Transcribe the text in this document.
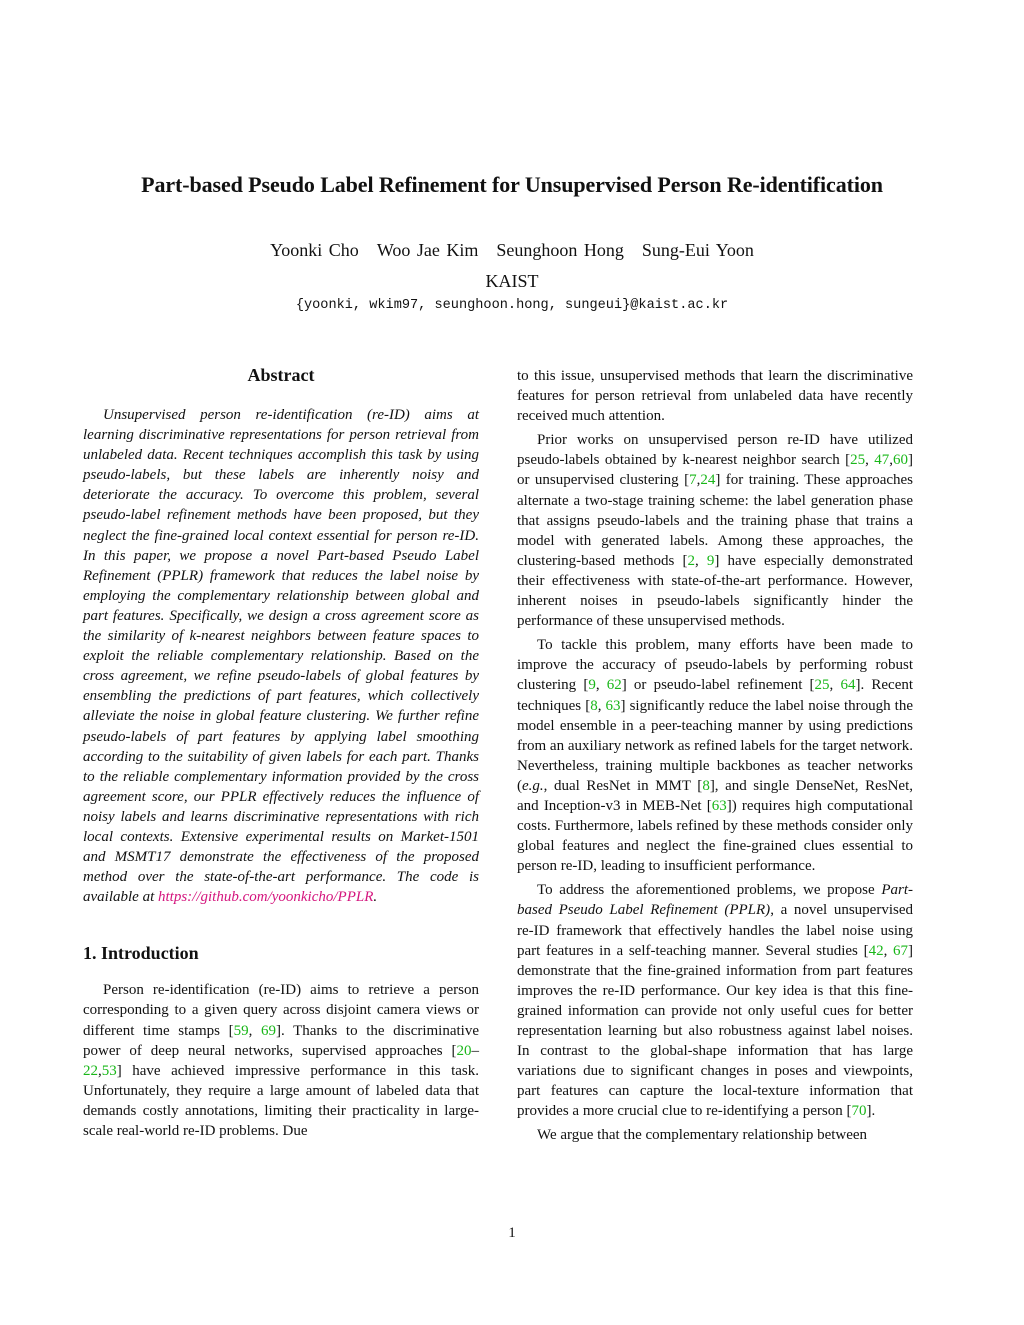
Part-based Pseudo Label Refinement for Unsupervised Person Re-identification
Yoonki Cho Woo Jae Kim Seunghoon Hong Sung-Eui Yoon
KAIST
{yoonki, wkim97, seunghoon.hong, sungeui}@kaist.ac.kr
Abstract

Unsupervised person re-identification (re-ID) aims at learning discriminative representations for person retrieval from unlabeled data. Recent techniques accomplish this task by using pseudo-labels, but these labels are inherently noisy and deteriorate the accuracy. To overcome this problem, several pseudo-label refinement methods have been proposed, but they neglect the fine-grained local context essential for person re-ID. In this paper, we propose a novel Part-based Pseudo Label Refinement (PPLR) framework that reduces the label noise by employing the complementary relationship between global and part features. Specifically, we design a cross agreement score as the similarity of k-nearest neighbors between feature spaces to exploit the reliable complementary relationship. Based on the cross agreement, we refine pseudo-labels of global features by ensembling the predictions of part features, which collectively alleviate the noise in global feature clustering. We further refine pseudo-labels of part features by applying label smoothing according to the suitability of given labels for each part. Thanks to the reliable complementary information provided by the cross agreement score, our PPLR effectively reduces the influence of noisy labels and learns discriminative representations with rich local contexts. Extensive experimental results on Market-1501 and MSMT17 demonstrate the effectiveness of the proposed method over the state-of-the-art performance. The code is available at https://github.com/yoonkicho/PPLR.

1. Introduction

Person re-identification (re-ID) aims to retrieve a person corresponding to a given query across disjoint camera views or different time stamps [59, 69]. Thanks to the discriminative power of deep neural networks, supervised approaches [20–22,53] have achieved impressive performance in this task. Unfortunately, they require a large amount of labeled data that demands costly annotations, limiting their practicality in large-scale real-world re-ID problems. Due

to this issue, unsupervised methods that learn the discriminative features for person retrieval from unlabeled data have recently received much attention.

Prior works on unsupervised person re-ID have utilized pseudo-labels obtained by k-nearest neighbor search [25, 47,60] or unsupervised clustering [7,24] for training. These approaches alternate a two-stage training scheme: the label generation phase that assigns pseudo-labels and the training phase that trains a model with generated labels. Among these approaches, the clustering-based methods [2, 9] have especially demonstrated their effectiveness with state-of-the-art performance. However, inherent noises in pseudo-labels significantly hinder the performance of these unsupervised methods.

To tackle this problem, many efforts have been made to improve the accuracy of pseudo-labels by performing robust clustering [9, 62] or pseudo-label refinement [25, 64]. Recent techniques [8, 63] significantly reduce the label noise through the model ensemble in a peer-teaching manner by using predictions from an auxiliary network as refined labels for the target network. Nevertheless, training multiple backbones as teacher networks (e.g., dual ResNet in MMT [8], and single DenseNet, ResNet, and Inception-v3 in MEB-Net [63]) requires high computational costs. Furthermore, labels refined by these methods consider only global features and neglect the fine-grained clues essential to person re-ID, leading to insufficient performance.

To address the aforementioned problems, we propose Part-based Pseudo Label Refinement (PPLR), a novel unsupervised re-ID framework that effectively handles the label noise using part features in a self-teaching manner. Several studies [42, 67] demonstrate that the fine-grained information from part features improves the re-ID performance. Our key idea is that this fine-grained information can provide not only useful cues for better representation learning but also robustness against label noises. In contrast to the global-shape information that has large variations due to significant changes in poses and viewpoints, part features can capture the local-texture information that provides a more crucial clue to re-identifying a person [70].

We argue that the complementary relationship between

1
